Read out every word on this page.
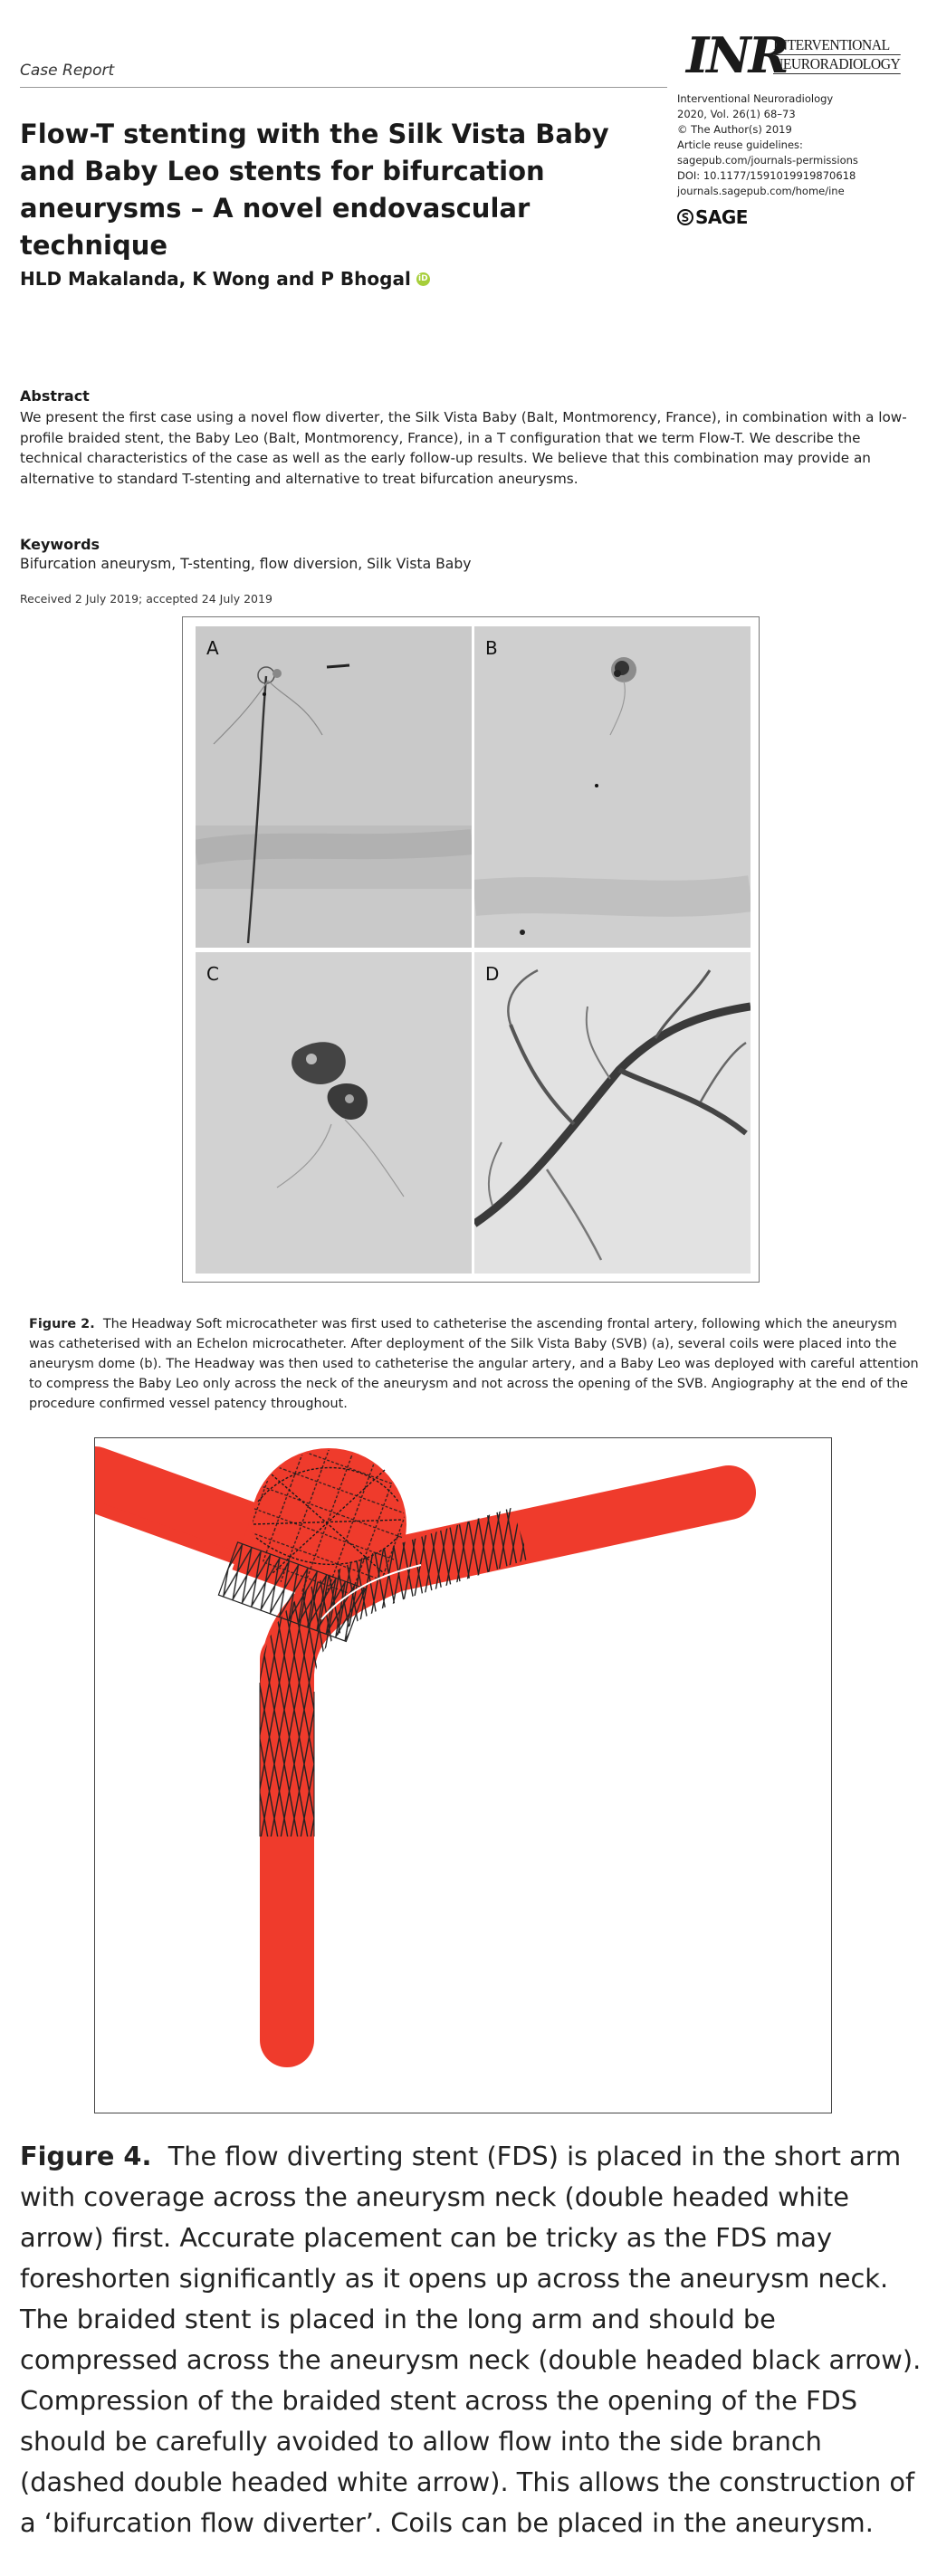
Case Report	INR
INTERVENTIONAL
NEURORADIOLOGY
Interventional Neuroradiology
2020, Vol. 26(1) 68–73
© The Author(s) 2019
Article reuse guidelines:
sagepub.com/journals-permissions
DOI: 10.1177/1591019919870618
journals.sagepub.com/home/ine
SAGE
Flow-T stenting with the Silk Vista Baby and Baby Leo stents for bifurcation aneurysms – A novel endovascular technique
HLD Makalanda, K Wong and P Bhogal iD
Abstract

We present the first case using a novel flow diverter, the Silk Vista Baby (Balt, Montmorency, France), in combination with a low-profile braided stent, the Baby Leo (Balt, Montmorency, France), in a T configuration that we term Flow-T. We describe the technical characteristics of the case as well as the early follow-up results. We believe that this combination may provide an alternative to standard T-stenting and alternative to treat bifurcation aneurysms.

Keywords
Bifurcation aneurysm, T-stenting, flow diversion, Silk Vista Baby
Received 2 July 2019; accepted 24 July 2019
A	B
C	D

Figure 2. The Headway Soft microcatheter was first used to catheterise the ascending frontal artery, following which the aneurysm was catheterised with an Echelon microcatheter. After deployment of the Silk Vista Baby (SVB) (a), several coils were placed into the aneurysm dome (b). The Headway was then used to catheterise the angular artery, and a Baby Leo was deployed with careful attention to compress the Baby Leo only across the neck of the aneurysm and not across the opening of the SVB. Angiography at the end of the procedure confirmed vessel patency throughout.

Figure 4. The flow diverting stent (FDS) is placed in the short arm with coverage across the aneurysm neck (double headed white arrow) first. Accurate placement can be tricky as the FDS may foreshorten significantly as it opens up across the aneurysm neck. The braided stent is placed in the long arm and should be compressed across the aneurysm neck (double headed black arrow). Compression of the braided stent across the opening of the FDS should be carefully avoided to allow flow into the side branch (dashed double headed white arrow). This allows the construction of a ‘bifurcation flow diverter’. Coils can be placed in the aneurysm.
